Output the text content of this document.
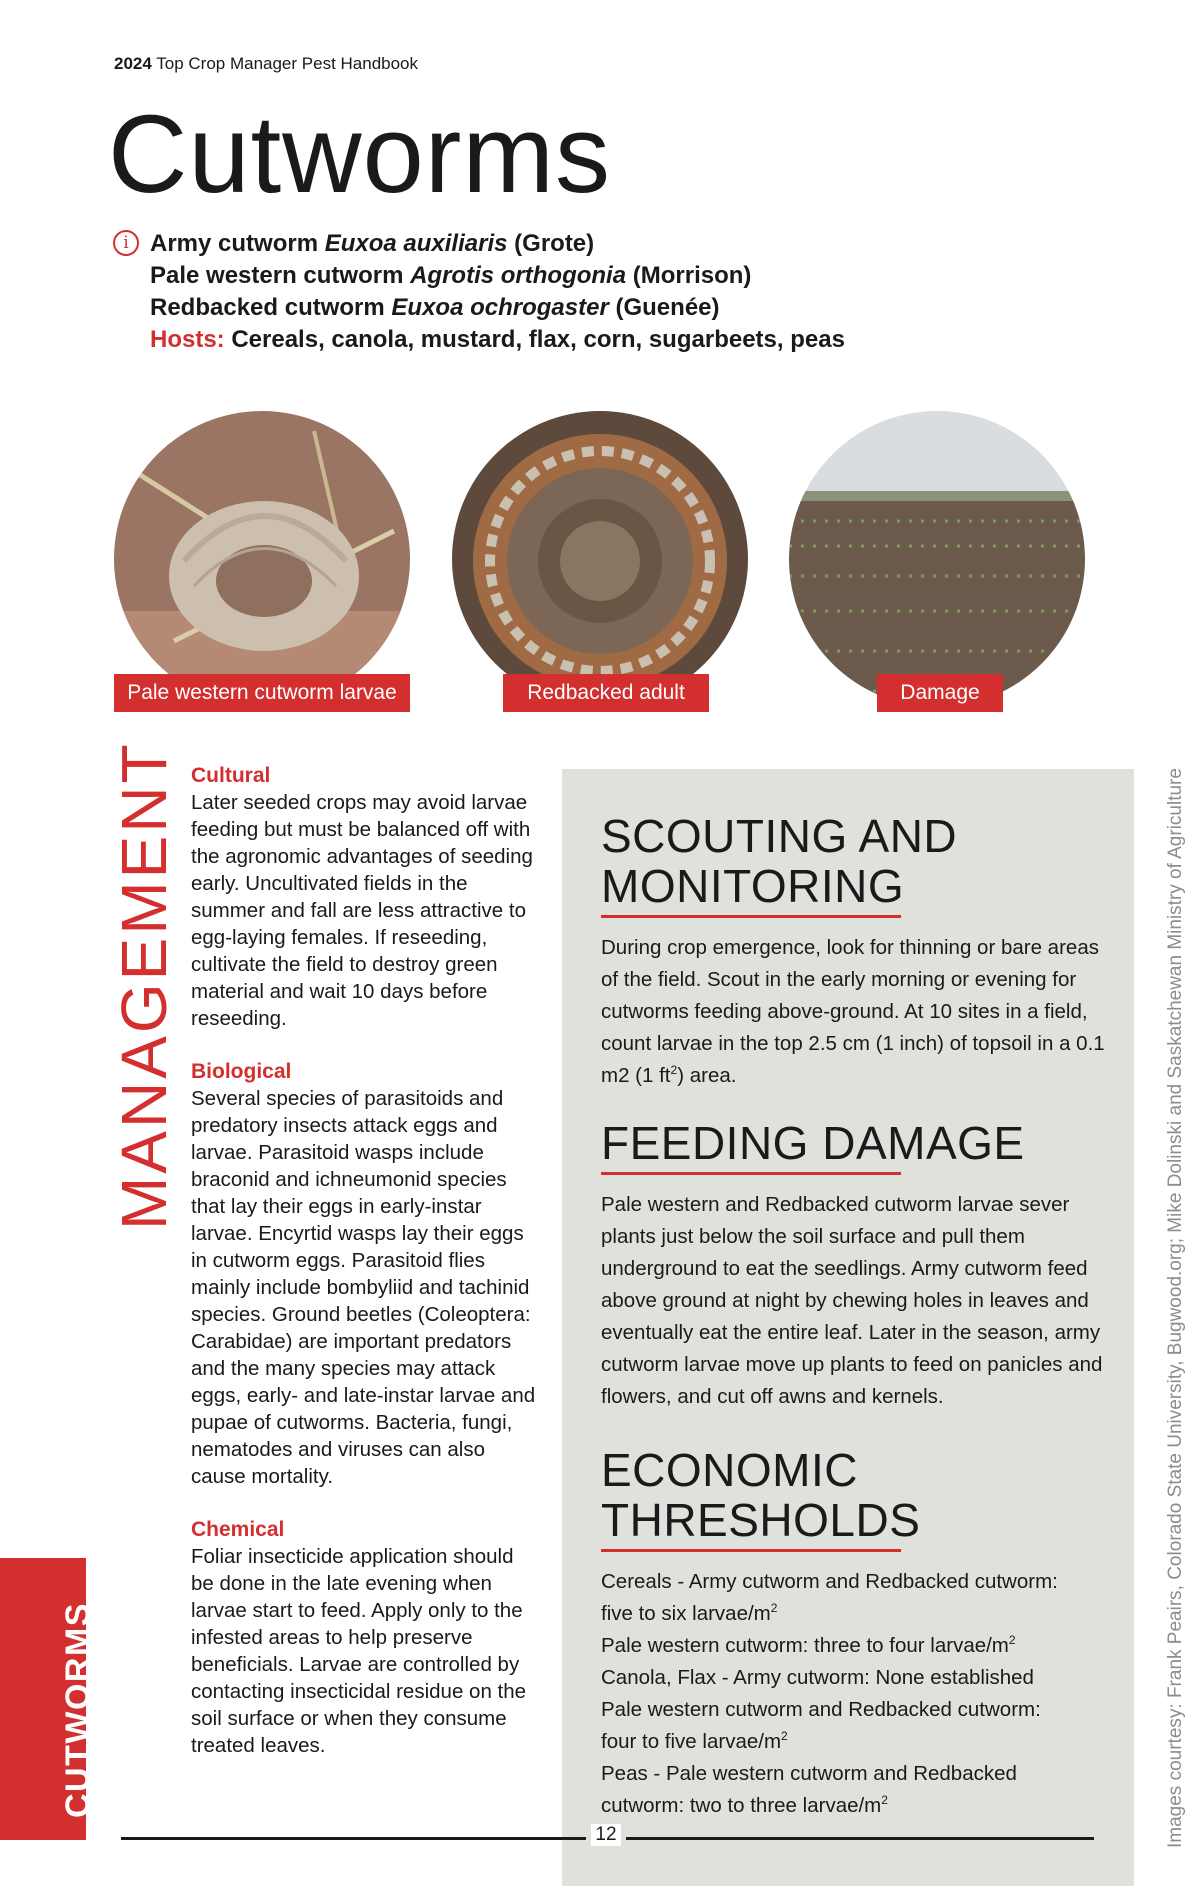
2024 Top Crop Manager Pest Handbook
Cutworms
i Army cutworm Euxoa auxiliaris (Grote)
Pale western cutworm Agrotis orthogonia (Morrison)
Redbacked cutworm Euxoa ochrogaster (Guenée)
Hosts: Cereals, canola, mustard, flax, corn, sugarbeets, peas
Pale western cutworm larvae	Redbacked adult	Damage
MANAGEMENT Cultural

Later seeded crops may avoid larvae feeding but must be balanced off with the agronomic advantages of seeding early. Uncultivated fields in the summer and fall are less attractive to egg-laying females. If reseeding, cultivate the field to destroy green material and wait 10 days before reseeding.

Biological

Several species of parasitoids and predatory insects attack eggs and larvae. Parasitoid wasps include braconid and ichneumonid species that lay their eggs in early-instar larvae. Encyrtid wasps lay their eggs in cutworm eggs. Parasitoid flies mainly include bombyliid and tachinid species. Ground beetles (Coleoptera: Carabidae) are important predators and the many species may attack eggs, early- and late-instar larvae and pupae of cutworms. Bacteria, fungi, nematodes and viruses can also cause mortality.

Chemical

Foliar insecticide application should be done in the late evening when larvae start to feed. Apply only to the infested areas to help preserve beneficials. Larvae are controlled by contacting insecticidal residue on the soil surface or when they consume treated leaves.

SCOUTING AND
MONITORING
During crop emergence, look for thinning or bare areas of the field. Scout in the early morning or evening for cutworms feeding above-ground. At 10 sites in a field, count larvae in the top 2.5 cm (1 inch) of topsoil in a 0.1 m2 (1 $ft^2$) area.
FEEDING DAMAGE
Pale western and Redbacked cutworm larvae sever plants just below the soil surface and pull them underground to eat the seedlings. Army cutworm feed above ground at night by chewing holes in leaves and eventually eat the entire leaf. Later in the season, army cutworm larvae move up plants to feed on panicles and flowers, and cut off awns and kernels.
ECONOMIC
THRESHOLDS
Cereals - Army cutworm and Redbacked cutworm:
five to six larvae/$m^2$
Pale western cutworm: three to four larvae/$m^2$
Canola, Flax - Army cutworm: None established
Pale western cutworm and Redbacked cutworm:
four to five larvae/$m^2$
Peas - Pale western cutworm and Redbacked
cutworm: two to three larvae/$m^2$
CUTWORMS	Images courtesy: Frank Peairs, Colorado State University, Bugwood.org; Mike Dolinski and Saskatchewan Ministry of Agriculture
12
